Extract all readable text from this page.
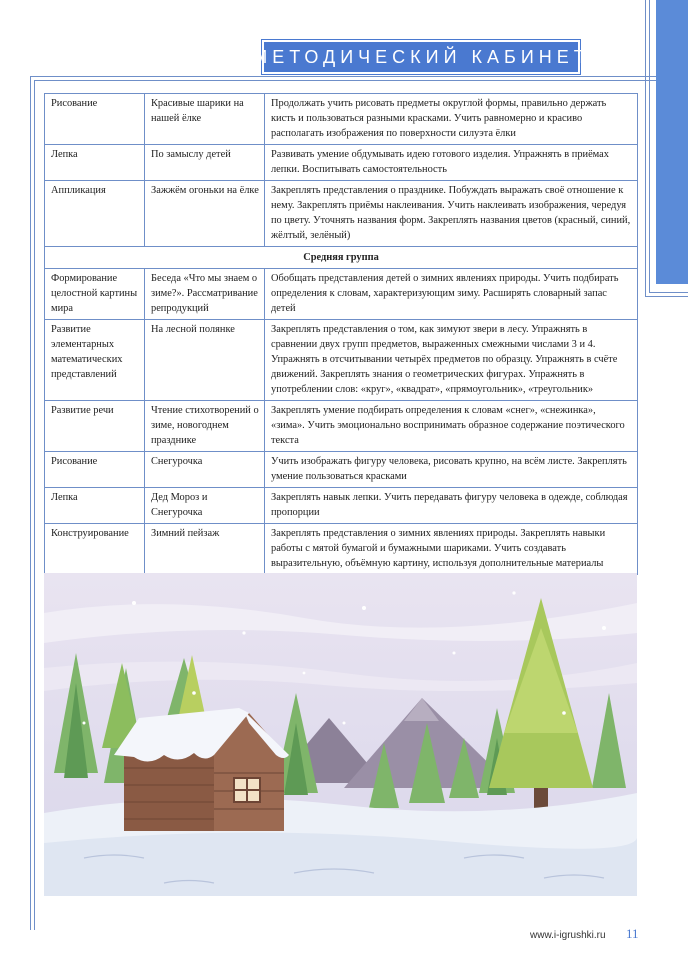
МЕТОДИЧЕСКИЙ КАБИНЕТ
Рисование	Красивые шарики на нашей ёлке	Продолжать учить рисовать предметы округлой формы, правильно держать кисть и пользоваться разными красками. Учить равномерно и красиво располагать изображения по поверхности силуэта ёлки
Лепка	По замыслу детей	Развивать умение обдумывать идею готового изделия. Упражнять в приёмах лепки. Воспитывать самостоятельность
Аппликация	Зажжём огоньки на ёлке	Закреплять представления о празднике. Побуждать выражать своё отношение к нему. Закреплять приёмы наклеивания. Учить наклеивать изображения, чередуя по цвету. Уточнять названия форм. Закреплять названия цветов (красный, синий, жёлтый, зелёный)
Средняя группа		
Формирование целостной картины мира	Беседа «Что мы знаем о зиме?». Рассматривание репродукций	Обобщать представления детей о зимних явлениях природы. Учить подбирать определения к словам, характеризующим зиму. Расширять словарный запас детей
Развитие элементарных математических представлений	На лесной полянке	Закреплять представления о том, как зимуют звери в лесу. Упражнять в сравнении двух групп предметов, выраженных смежными числами 3 и 4. Упражнять в отсчитывании четырёх предметов по образцу. Упражнять в счёте движений. Закреплять знания о геометрических фигурах. Упражнять в употреблении слов: «круг», «квадрат», «прямоугольник», «треугольник»
Развитие речи	Чтение стихотворений о зиме, новогоднем празднике	Закреплять умение подбирать определения к словам «снег», «снежинка», «зима». Учить эмоционально воспринимать образное содержание поэтического текста
Рисование	Снегурочка	Учить изображать фигуру человека, рисовать крупно, на всём листе. Закреплять умение пользоваться красками
Лепка	Дед Мороз и Снегурочка	Закреплять навык лепки. Учить передавать фигуру человека в одежде, соблюдая пропорции
Конструирование	Зимний пейзаж	Закреплять представления о зимних явлениях природы. Закреплять навыки работы с мятой бумагой и бумажными шариками. Учить создавать выразительную, объёмную картину, используя дополнительные материалы
www.i-igrushki.ru 11
